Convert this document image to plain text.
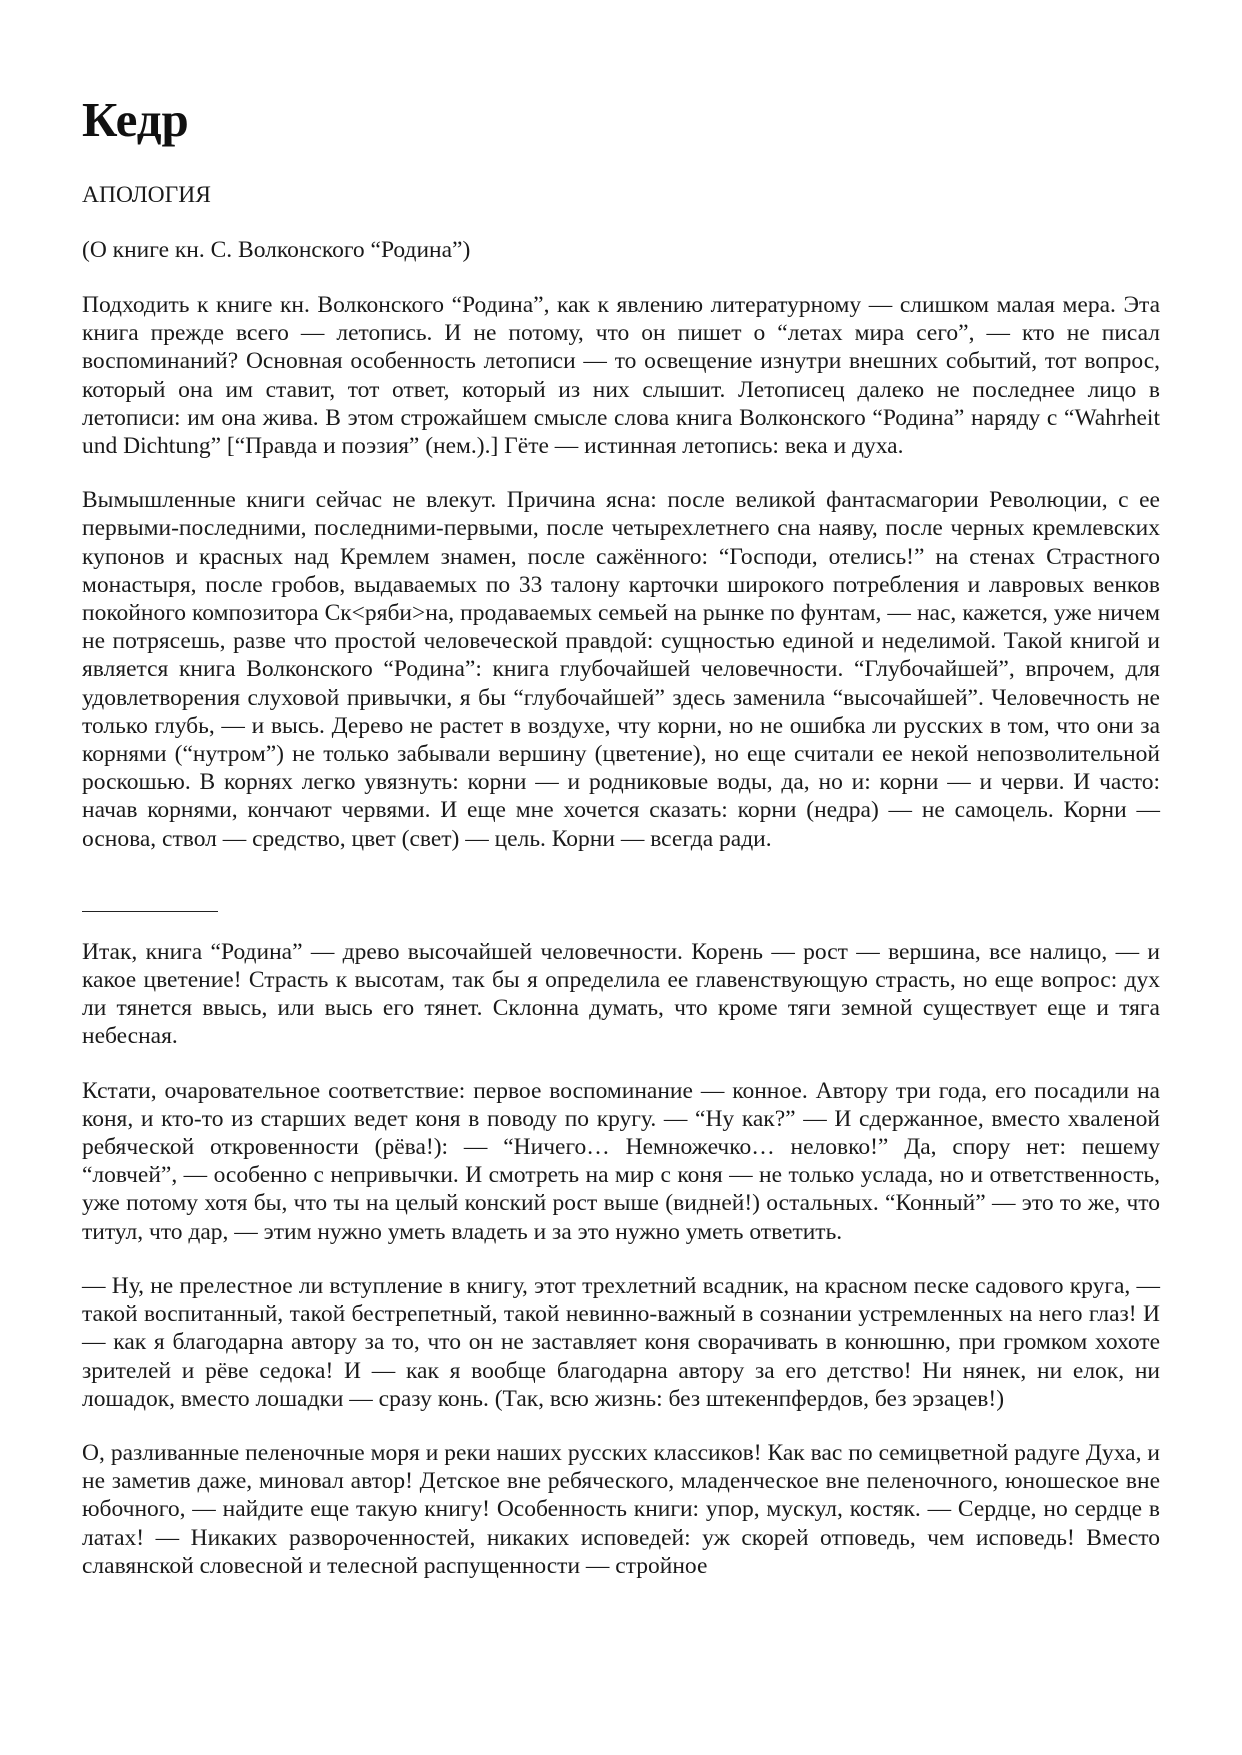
Кедр

АПОЛОГИЯ

(О книге кн. С. Волконского “Родина”)

Подходить к книге кн. Волконского “Родина”, как к явлению литературному — слишком малая мера. Эта книга прежде всего — летопись. И не потому, что он пишет о “летах мира сего”, — кто не писал воспоминаний? Основная особенность летописи — то освещение изнутри внешних событий, тот вопрос, который она им ставит, тот ответ, который из них слышит. Летописец далеко не последнее лицо в летописи: им она жива. В этом строжайшем смысле слова книга Волконского “Родина” наряду с “Wahrheit und Dichtung” [“Правда и поэзия” (нем.).] Гёте — истинная летопись: века и духа.

Вымышленные книги сейчас не влекут. Причина ясна: после великой фантасмагории Революции, с ее первыми-последними, последними-первыми, после четырехлетнего сна наяву, после черных кремлевских купонов и красных над Кремлем знамен, после сажённого: “Господи, отелись!” на стенах Страстного монастыря, после гробов, выдаваемых по 33 талону карточки широкого потребления и лавровых венков покойного композитора Ск<ряби>на, продаваемых семьей на рынке по фунтам, — нас, кажется, уже ничем не потрясешь, разве что простой человеческой правдой: сущностью единой и неделимой. Такой книгой и является книга Волконского “Родина”: книга глубочайшей человечности. “Глубочайшей”, впрочем, для удовлетворения слуховой привычки, я бы “глубочайшей” здесь заменила “высочайшей”. Человечность не только глубь, — и высь. Дерево не растет в воздухе, чту корни, но не ошибка ли русских в том, что они за корнями (“нутром”) не только забывали вершину (цветение), но еще считали ее некой непозволительной роскошью. В корнях легко увязнуть: корни — и родниковые воды, да, но и: корни — и черви. И часто: начав корнями, кончают червями. И еще мне хочется сказать: корни (недра) — не самоцель. Корни —основа, ствол — средство, цвет (свет) — цель. Корни — всегда ради.

Итак, книга “Родина” — древо высочайшей человечности. Корень — рост — вершина, все налицо, — и какое цветение! Страсть к высотам, так бы я определила ее главенствующую страсть, но еще вопрос: дух ли тянется ввысь, или высь его тянет. Склонна думать, что кроме тяги земной существует еще и тяга небесная.

Кстати, очаровательное соответствие: первое воспоминание — конное. Автору три года, его посадили на коня, и кто-то из старших ведет коня в поводу по кругу. — “Ну как?” — И сдержанное, вместо хваленой ребяческой откровенности (рёва!): — “Ничего… Немножечко… неловко!” Да, спору нет: пешему “ловчей”, — особенно с непривычки. И смотреть на мир с коня — не только услада, но и ответственность, уже потому хотя бы, что ты на целый конский рост выше (видней!) остальных. “Конный” — это то же, что титул, что дар, — этим нужно уметь владеть и за это нужно уметь ответить.

— Ну, не прелестное ли вступление в книгу, этот трехлетний всадник, на красном песке садового круга, — такой воспитанный, такой бестрепетный, такой невинно-важный в сознании устремленных на него глаз! И — как я благодарна автору за то, что он не заставляет коня сворачивать в конюшню, при громком хохоте зрителей и рёве седока! И — как я вообще благодарна автору за его детство! Ни нянек, ни елок, ни лошадок, вместо лошадки — сразу конь. (Так, всю жизнь: без штекенпфердов, без эрзацев!)

О, разливанные пеленочные моря и реки наших русских классиков! Как вас по семицветной радуге Духа, и не заметив даже, миновал автор! Детское вне ребяческого, младенческое вне пеленочного, юношеское вне юбочного, — найдите еще такую книгу! Особенность книги: упор, мускул, костяк. — Сердце, но сердце в латах! — Никаких развороченностей, никаких исповедей: уж скорей отповедь, чем исповедь! Вместо славянской словесной и телесной распущенности — стройное
